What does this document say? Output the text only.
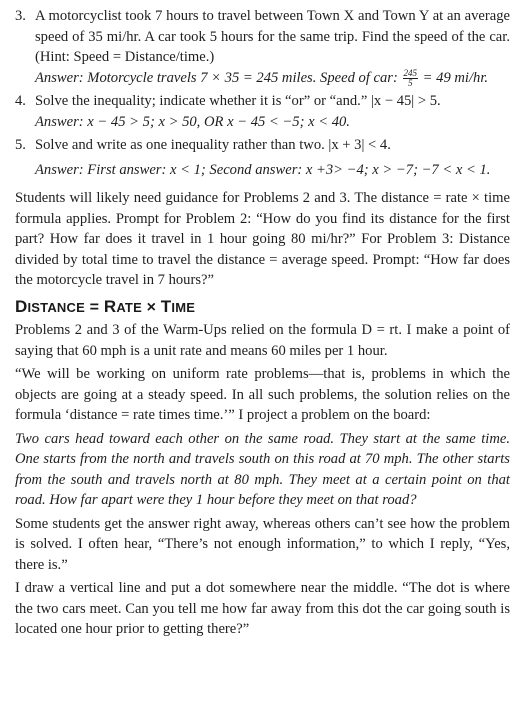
3. A motorcyclist took 7 hours to travel between Town X and Town Y at an average speed of 35 mi/hr. A car took 5 hours for the same trip. Find the speed of the car. (Hint: Speed = Distance/time.)
Answer: Motorcycle travels 7 × 35 = 245 miles. Speed of car: $\frac{245}{5} = 49$ mi/hr.
4. Solve the inequality; indicate whether it is “or” or “and.” |x − 45| > 5.
Answer: x − 45 > 5; x > 50, OR x − 45 < −5; x < 40.
5. Solve and write as one inequality rather than two. |x + 3| < 4.
Answer: First answer: x < 1; Second answer: x +3> −4; x > −7; −7 < x < 1.

Students will likely need guidance for Problems 2 and 3. The distance = rate × time formula applies. Prompt for Problem 2: “How do you find its distance for the first part? How far does it travel in 1 hour going 80 mi/hr?” For Problem 3: Distance divided by total time to travel the distance = average speed. Prompt: “How far does the motorcycle travel in 7 hours?”

DISTANCE = RATE × TIME

Problems 2 and 3 of the Warm-Ups relied on the formula D = rt. I make a point of saying that 60 mph is a unit rate and means 60 miles per 1 hour.

“We will be working on uniform rate problems—that is, problems in which the objects are going at a steady speed. In all such problems, the solution relies on the formula ‘distance = rate times time.’” I project a problem on the board:

Two cars head toward each other on the same road. They start at the same time. One starts from the north and travels south on this road at 70 mph. The other starts from the south and travels north at 80 mph. They meet at a certain point on that road. How far apart were they 1 hour before they meet on that road?

Some students get the answer right away, whereas others can’t see how the problem is solved. I often hear, “There’s not enough information,” to which I reply, “Yes, there is.”

I draw a vertical line and put a dot somewhere near the middle. “The dot is where the two cars meet. Can you tell me how far away from this dot the car going south is located one hour prior to getting there?”
